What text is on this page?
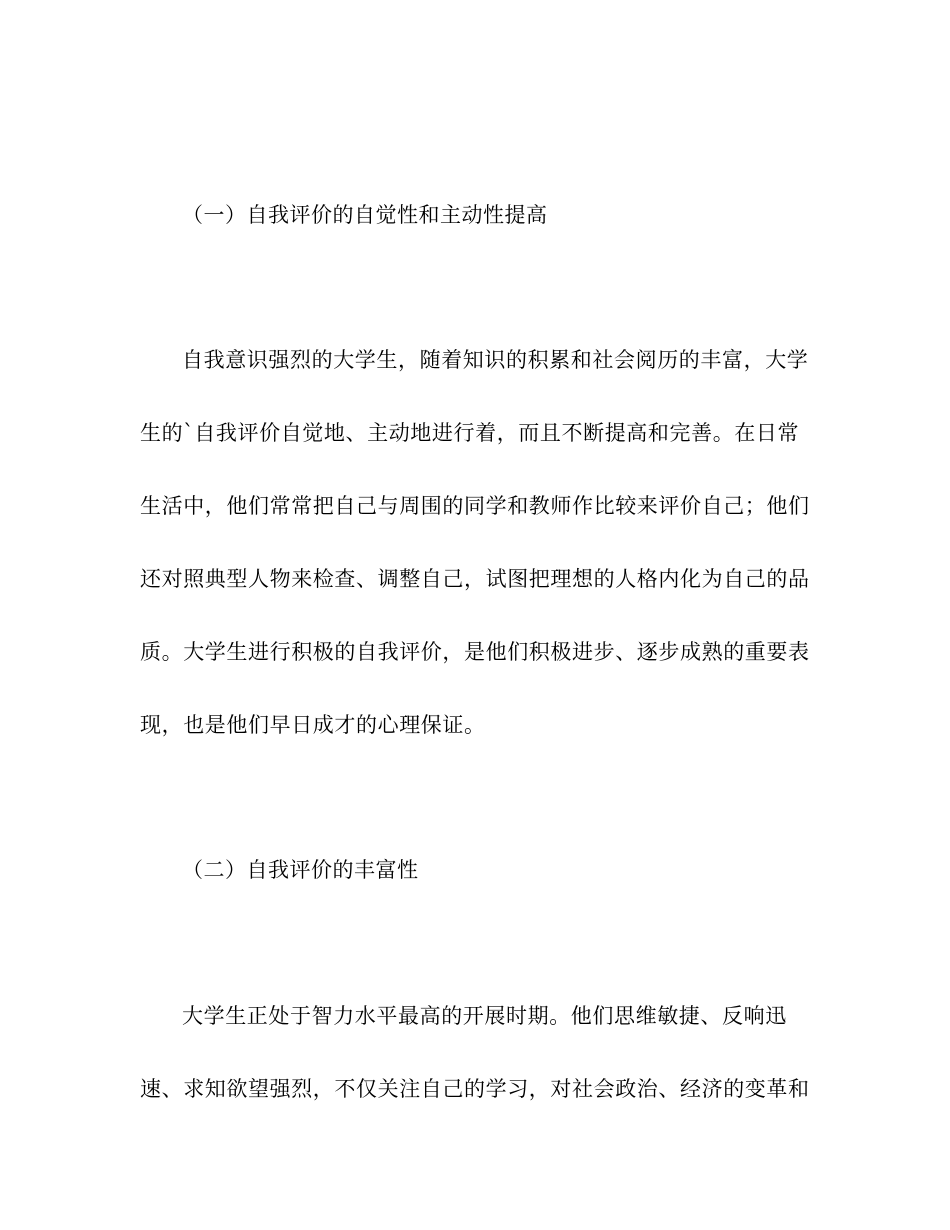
（一）自我评价的自觉性和主动性提高
自我意识强烈的大学生，随着知识的积累和社会阅历的丰富，大学
生的`自我评价自觉地、主动地进行着，而且不断提高和完善。在日常
生活中，他们常常把自己与周围的同学和教师作比较来评价自己；他们
还对照典型人物来检查、调整自己，试图把理想的人格内化为自己的品
质。大学生进行积极的自我评价，是他们积极进步、逐步成熟的重要表
现，也是他们早日成才的心理保证。
（二）自我评价的丰富性
大学生正处于智力水平最高的开展时期。他们思维敏捷、反响迅
速、求知欲望强烈，不仅关注自己的学习，对社会政治、经济的变革和
